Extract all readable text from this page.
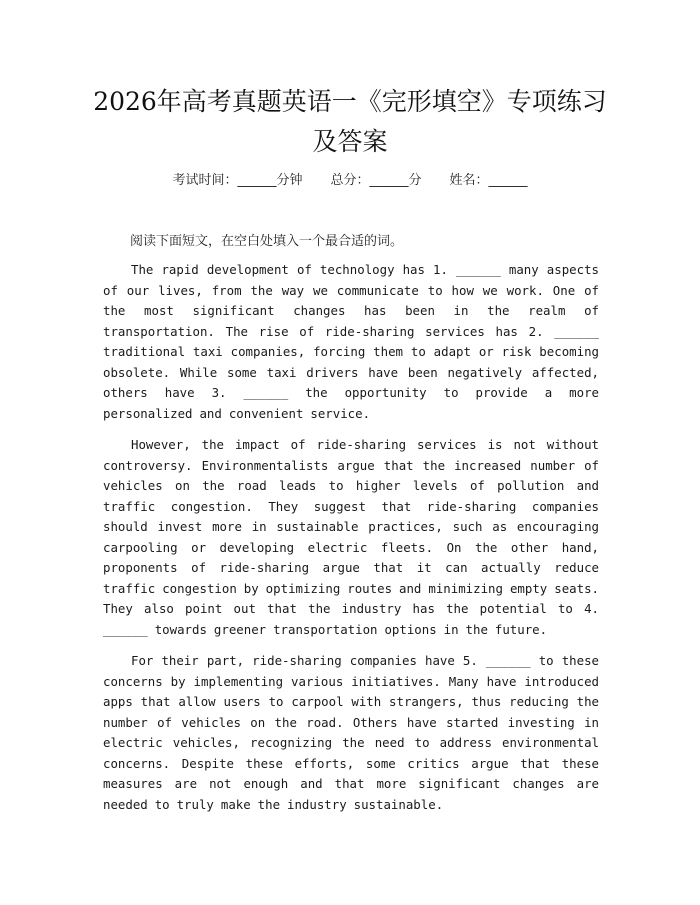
2026年高考真题英语一《完形填空》专项练习及答案
考试时间：______分钟 总分：______分 姓名：______

阅读下面短文，在空白处填入一个最合适的词。

The rapid development of technology has 1. ______ many aspects of our lives, from the way we communicate to how we work. One of the most significant changes has been in the realm of transportation. The rise of ride-sharing services has 2. ______ traditional taxi companies, forcing them to adapt or risk becoming obsolete. While some taxi drivers have been negatively affected, others have 3. ______ the opportunity to provide a more personalized and convenient service.

However, the impact of ride-sharing services is not without controversy. Environmentalists argue that the increased number of vehicles on the road leads to higher levels of pollution and traffic congestion. They suggest that ride-sharing companies should invest more in sustainable practices, such as encouraging carpooling or developing electric fleets. On the other hand, proponents of ride-sharing argue that it can actually reduce traffic congestion by optimizing routes and minimizing empty seats. They also point out that the industry has the potential to 4. ______ towards greener transportation options in the future.

For their part, ride-sharing companies have 5. ______ to these concerns by implementing various initiatives. Many have introduced apps that allow users to carpool with strangers, thus reducing the number of vehicles on the road. Others have started investing in electric vehicles, recognizing the need to address environmental concerns. Despite these efforts, some critics argue that these measures are not enough and that more significant changes are needed to truly make the industry sustainable.
